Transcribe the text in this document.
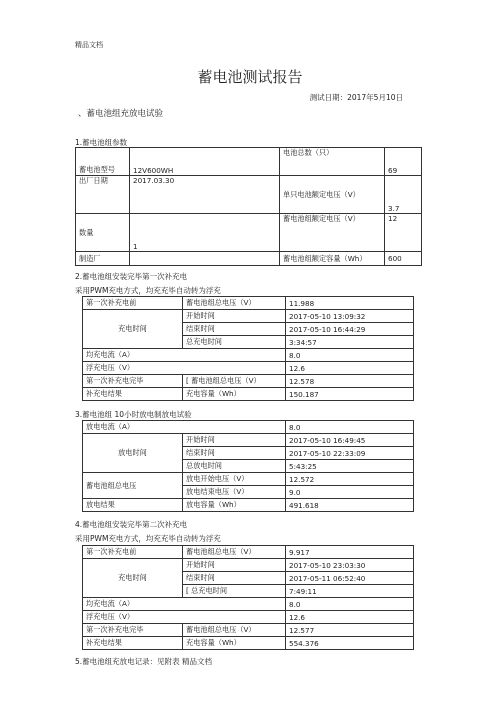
精品文档
蓄电池测试报告
测试日期：2017年5月10日
、蓄电池组充放电试验
1.蓄电池组参数
蓄电池型号	12V600WH	电池总数（只）	69
出厂日期	2017.03.30	单只电池额定电压（V）	3.7
数量	1	蓄电池组额定电压（V）	12
制造厂		蓄电池组额定容量（Wh）	600
2.蓄电池组安装完毕第一次补充电
采用PWM充电方式，均充充毕自动转为浮充
第一次补充电前	蓄电池组总电压（V）	11.988
充电时间	开始时间	2017-05-10 13:09:32
	结束时间	2017-05-10 16:44:29
	总充电时间	3:34:57
均充电流（A）		8.0
浮充电压（V）		12.6
第一次补充电完毕	[ 蓄电池组总电压（V）	12.578
补充电结果	充电容量（Wh）	150.187
3.蓄电池组 10小时放电制放电试验
放电电流（A）		8.0
放电时间	开始时间	2017-05-10 16:49:45
	结束时间	2017-05-10 22:33:09
	总放电时间	5:43:25
蓄电池组总电压	放电开始电压（V）	12.572
	放电结束电压（V）	9.0
放电结果	放电容量（Wh）	491.618
4.蓄电池组安装完毕第二次补充电
采用PWM充电方式，均充充毕自动转为浮充
第一次补充电前	蓄电池组总电压（V）	9.917
充电时间	开始时间	2017-05-10 23:03:30
	结束时间	2017-05-11 06:52:40
	[ 总充电时间	7:49:11
均充电流（A）		8.0
浮充电压（V）		12.6
第一次补充电完毕	蓄电池组总电压（V）	12.577
补充电结果	充电容量（Wh）	554.376
5.蓄电池组充放电记录：见附表 精品文档
